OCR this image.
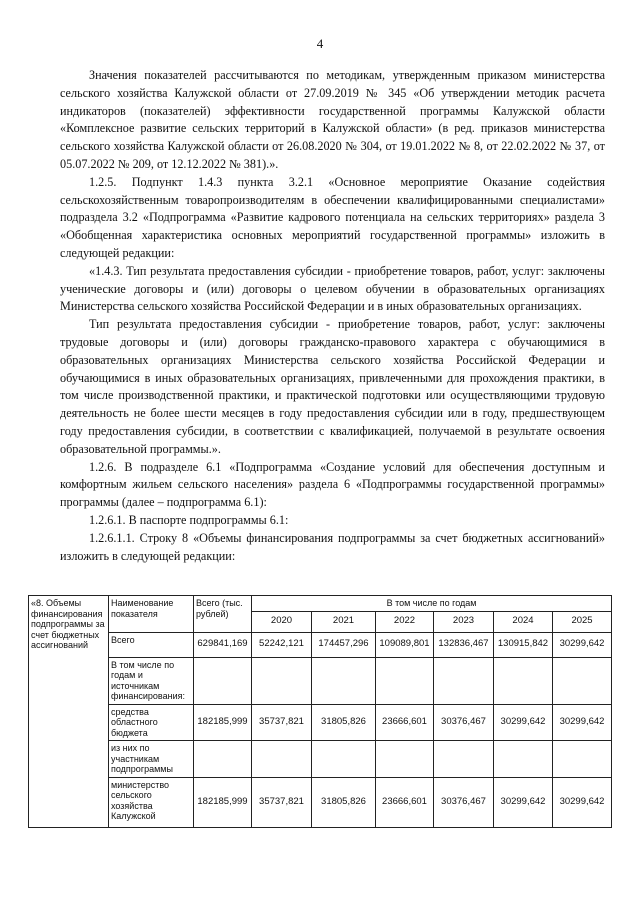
4

Значения показателей рассчитываются по методикам, утвержденным приказом министерства сельского хозяйства Калужской области от 27.09.2019 № 345 «Об утверждении методик расчета индикаторов (показателей) эффективности государственной программы Калужской области «Комплексное развитие сельских территорий в Калужской области» (в ред. приказов министерства сельского хозяйства Калужской области от 26.08.2020 № 304, от 19.01.2022 № 8, от 22.02.2022 № 37, от 05.07.2022 № 209, от 12.12.2022 № 381).».

1.2.5. Подпункт 1.4.3 пункта 3.2.1 «Основное мероприятие Оказание содействия сельскохозяйственным товаропроизводителям в обеспечении квалифицированными специалистами» подраздела 3.2 «Подпрограмма «Развитие кадрового потенциала на сельских территориях» раздела 3 «Обобщенная характеристика основных мероприятий государственной программы» изложить в следующей редакции:

«1.4.3. Тип результата предоставления субсидии - приобретение товаров, работ, услуг: заключены ученические договоры и (или) договоры о целевом обучении в образовательных организациях Министерства сельского хозяйства Российской Федерации и в иных образовательных организациях.

Тип результата предоставления субсидии - приобретение товаров, работ, услуг: заключены трудовые договоры и (или) договоры гражданско-правового характера с обучающимися в образовательных организациях Министерства сельского хозяйства Российской Федерации и обучающимися в иных образовательных организациях, привлеченными для прохождения практики, в том числе производственной практики, и практической подготовки или осуществляющими трудовую деятельность не более шести месяцев в году предоставления субсидии или в году, предшествующем году предоставления субсидии, в соответствии с квалификацией, получаемой в результате освоения образовательной программы.».

1.2.6. В подразделе 6.1 «Подпрограмма «Создание условий для обеспечения доступным и комфортным жильем сельского населения» раздела 6 «Подпрограммы государственной программы» программы (далее – подпрограмма 6.1):

1.2.6.1. В паспорте подпрограммы 6.1:

1.2.6.1.1. Строку 8 «Объемы финансирования подпрограммы за счет бюджетных ассигнований» изложить в следующей редакции:

«8. Объемы финансирования подпрограммы за счет бюджетных ассигнований	Наименование показателя	Всего (тыс. рублей)	В том числе по годам					
			2020	2021	2022	2023	2024	2025
	Всего	629841,169	52242,121	174457,296	109089,801	132836,467	130915,842	30299,642
	В том числе по годам и источникам финансирования:							
	средства областного бюджета	182185,999	35737,821	31805,826	23666,601	30376,467	30299,642	30299,642
	из них по участникам подпрограммы							
	министерство сельского хозяйства Калужской	182185,999	35737,821	31805,826	23666,601	30376,467	30299,642	30299,642
